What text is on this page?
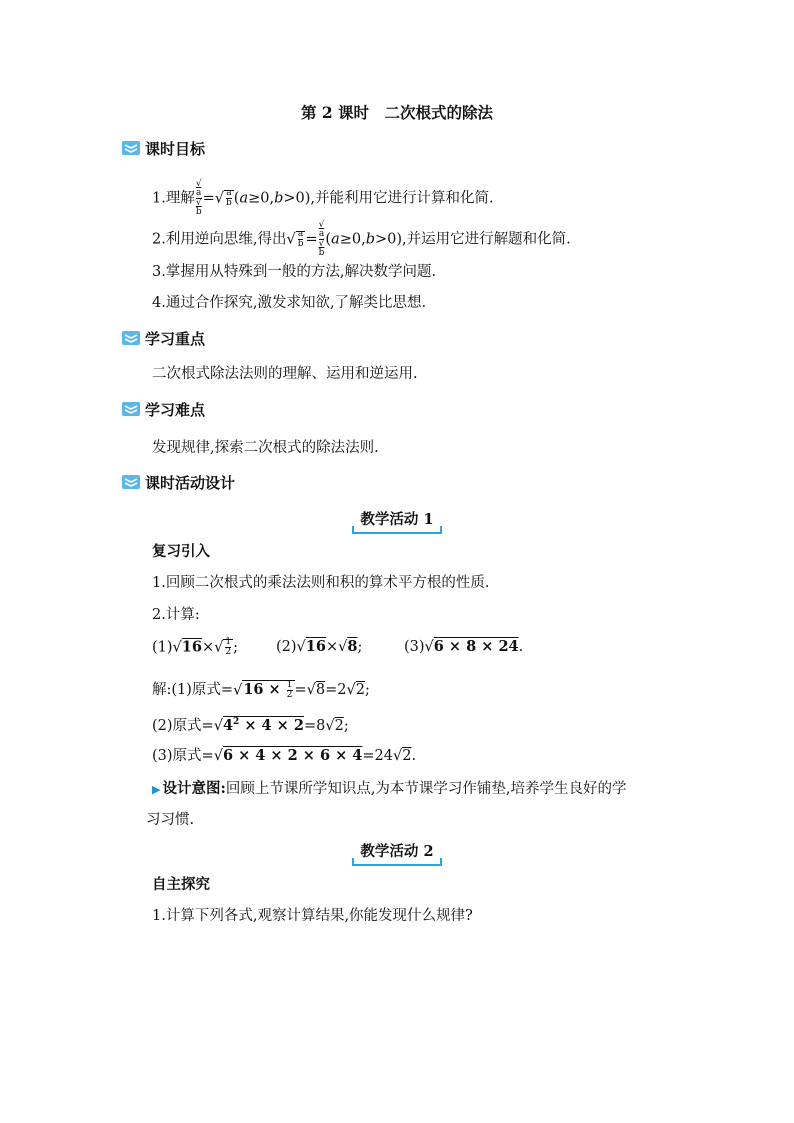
第 2 课时　二次根式的除法
课时目标
1.理解 √
a
√
b =√ $\frac{a}{b} (a\ge 0,b>0)$,并能利用它进行计算和化简.
2.利用逆向思维,得出√ $\frac{a}{b}$ = √
a
√
b (a≥0,b>0),并运用它进行解题和化简.
3.掌握用从特殊到一般的方法,解决数学问题.
4.通过合作探究,激发求知欲,了解类比思想.
学习重点
二次根式除法法则的理解、运用和逆运用.
学习难点
发现规律,探索二次根式的除法法则.
课时活动设计
教学活动 1
复习引入
1.回顾二次根式的乘法法则和积的算术平方根的性质.
2.计算:
$(1)√16\times√ \frac{1}{2}$ ;	(2)√16×√8;	(3)√6 × 8 × 24.
解:(1)原式$=√16 \times \frac{1}{2} =√8=2√2$;
(2)原式$=√4^2 \times 4 \times 2=8√2$;
(3)原式=√6 × 4 × 2 × 6 × 4=24√2.
▶ 设计意图:回顾上节课所学知识点,为本节课学习作铺垫,培养学生良好的学
习习惯.
教学活动 2
自主探究
1.计算下列各式,观察计算结果,你能发现什么规律?
